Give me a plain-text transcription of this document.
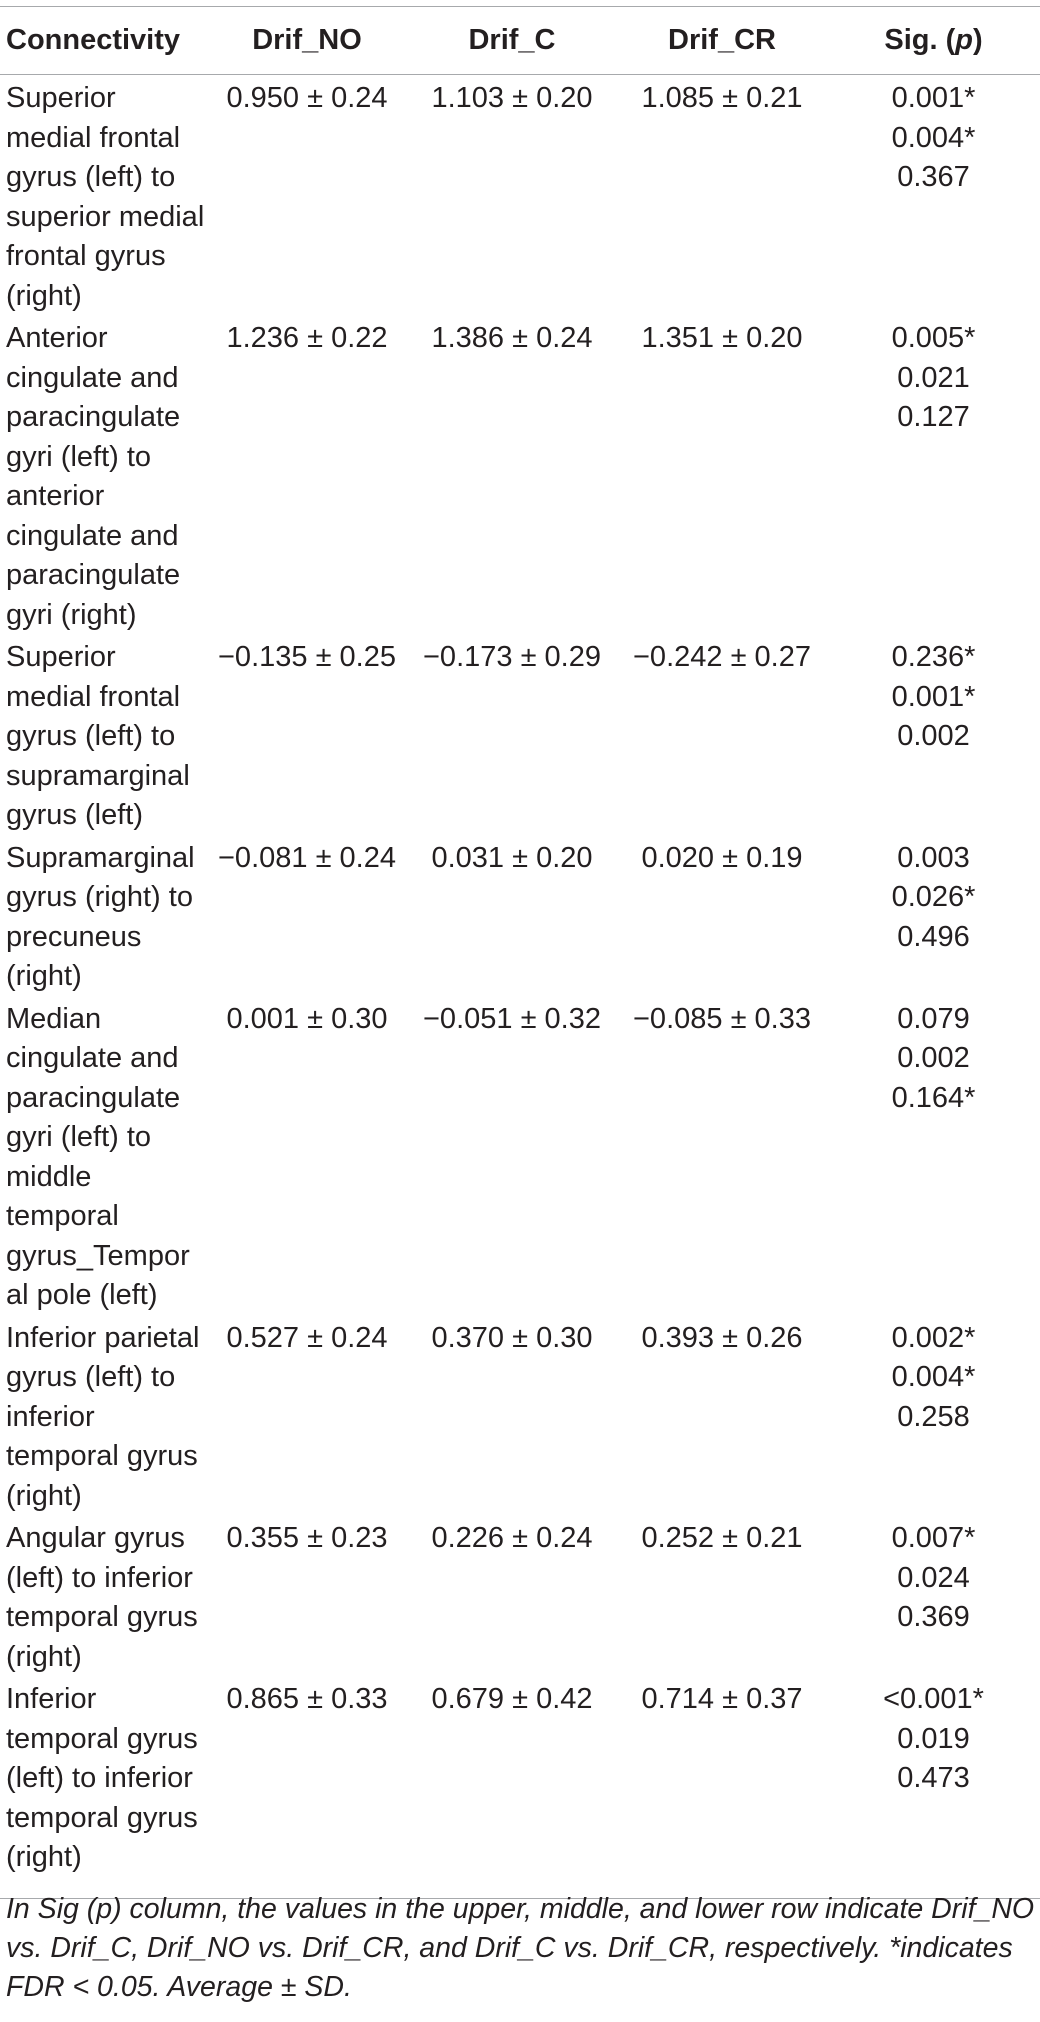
Connectivity	Drif_NO	Drif_C	Drif_CR	Sig. (p)
Superior medial frontal gyrus (left) to superior medial frontal gyrus (right)	0.950 ± 0.24	1.103 ± 0.20	1.085 ± 0.21	0.001*
0.004*
0.367

Anterior cingulate and paracingulate gyri (left) to anterior cingulate and paracingulate gyri (right)	1.236 ± 0.22	1.386 ± 0.24	1.351 ± 0.20	0.005*
0.021
0.127

Superior medial frontal gyrus (left) to supramarginal gyrus (left)	−0.135 ± 0.25	−0.173 ± 0.29	−0.242 ± 0.27	0.236*
0.001*
0.002

Supramarginal gyrus (right) to precuneus (right)	−0.081 ± 0.24	0.031 ± 0.20	0.020 ± 0.19	0.003
0.026*
0.496

Median cingulate and paracingulate gyri (left) to middle temporal gyrus_Temporal pole (left)	0.001 ± 0.30	−0.051 ± 0.32	−0.085 ± 0.33	0.079
0.002
0.164*

Inferior parietal gyrus (left) to inferior temporal gyrus (right)	0.527 ± 0.24	0.370 ± 0.30	0.393 ± 0.26	0.002*
0.004*
0.258

Angular gyrus (left) to inferior temporal gyrus (right)	0.355 ± 0.23	0.226 ± 0.24	0.252 ± 0.21	0.007*
0.024
0.369

Inferior temporal gyrus (left) to inferior temporal gyrus (right)	0.865 ± 0.33	0.679 ± 0.42	0.714 ± 0.37	<0.001*
0.019
0.473
In Sig (p) column, the values in the upper, middle, and lower row indicate Drif_NO vs. Drif_C, Drif_NO vs. Drif_CR, and Drif_C vs. Drif_CR, respectively. *indicates FDR < 0.05. Average ± SD.
